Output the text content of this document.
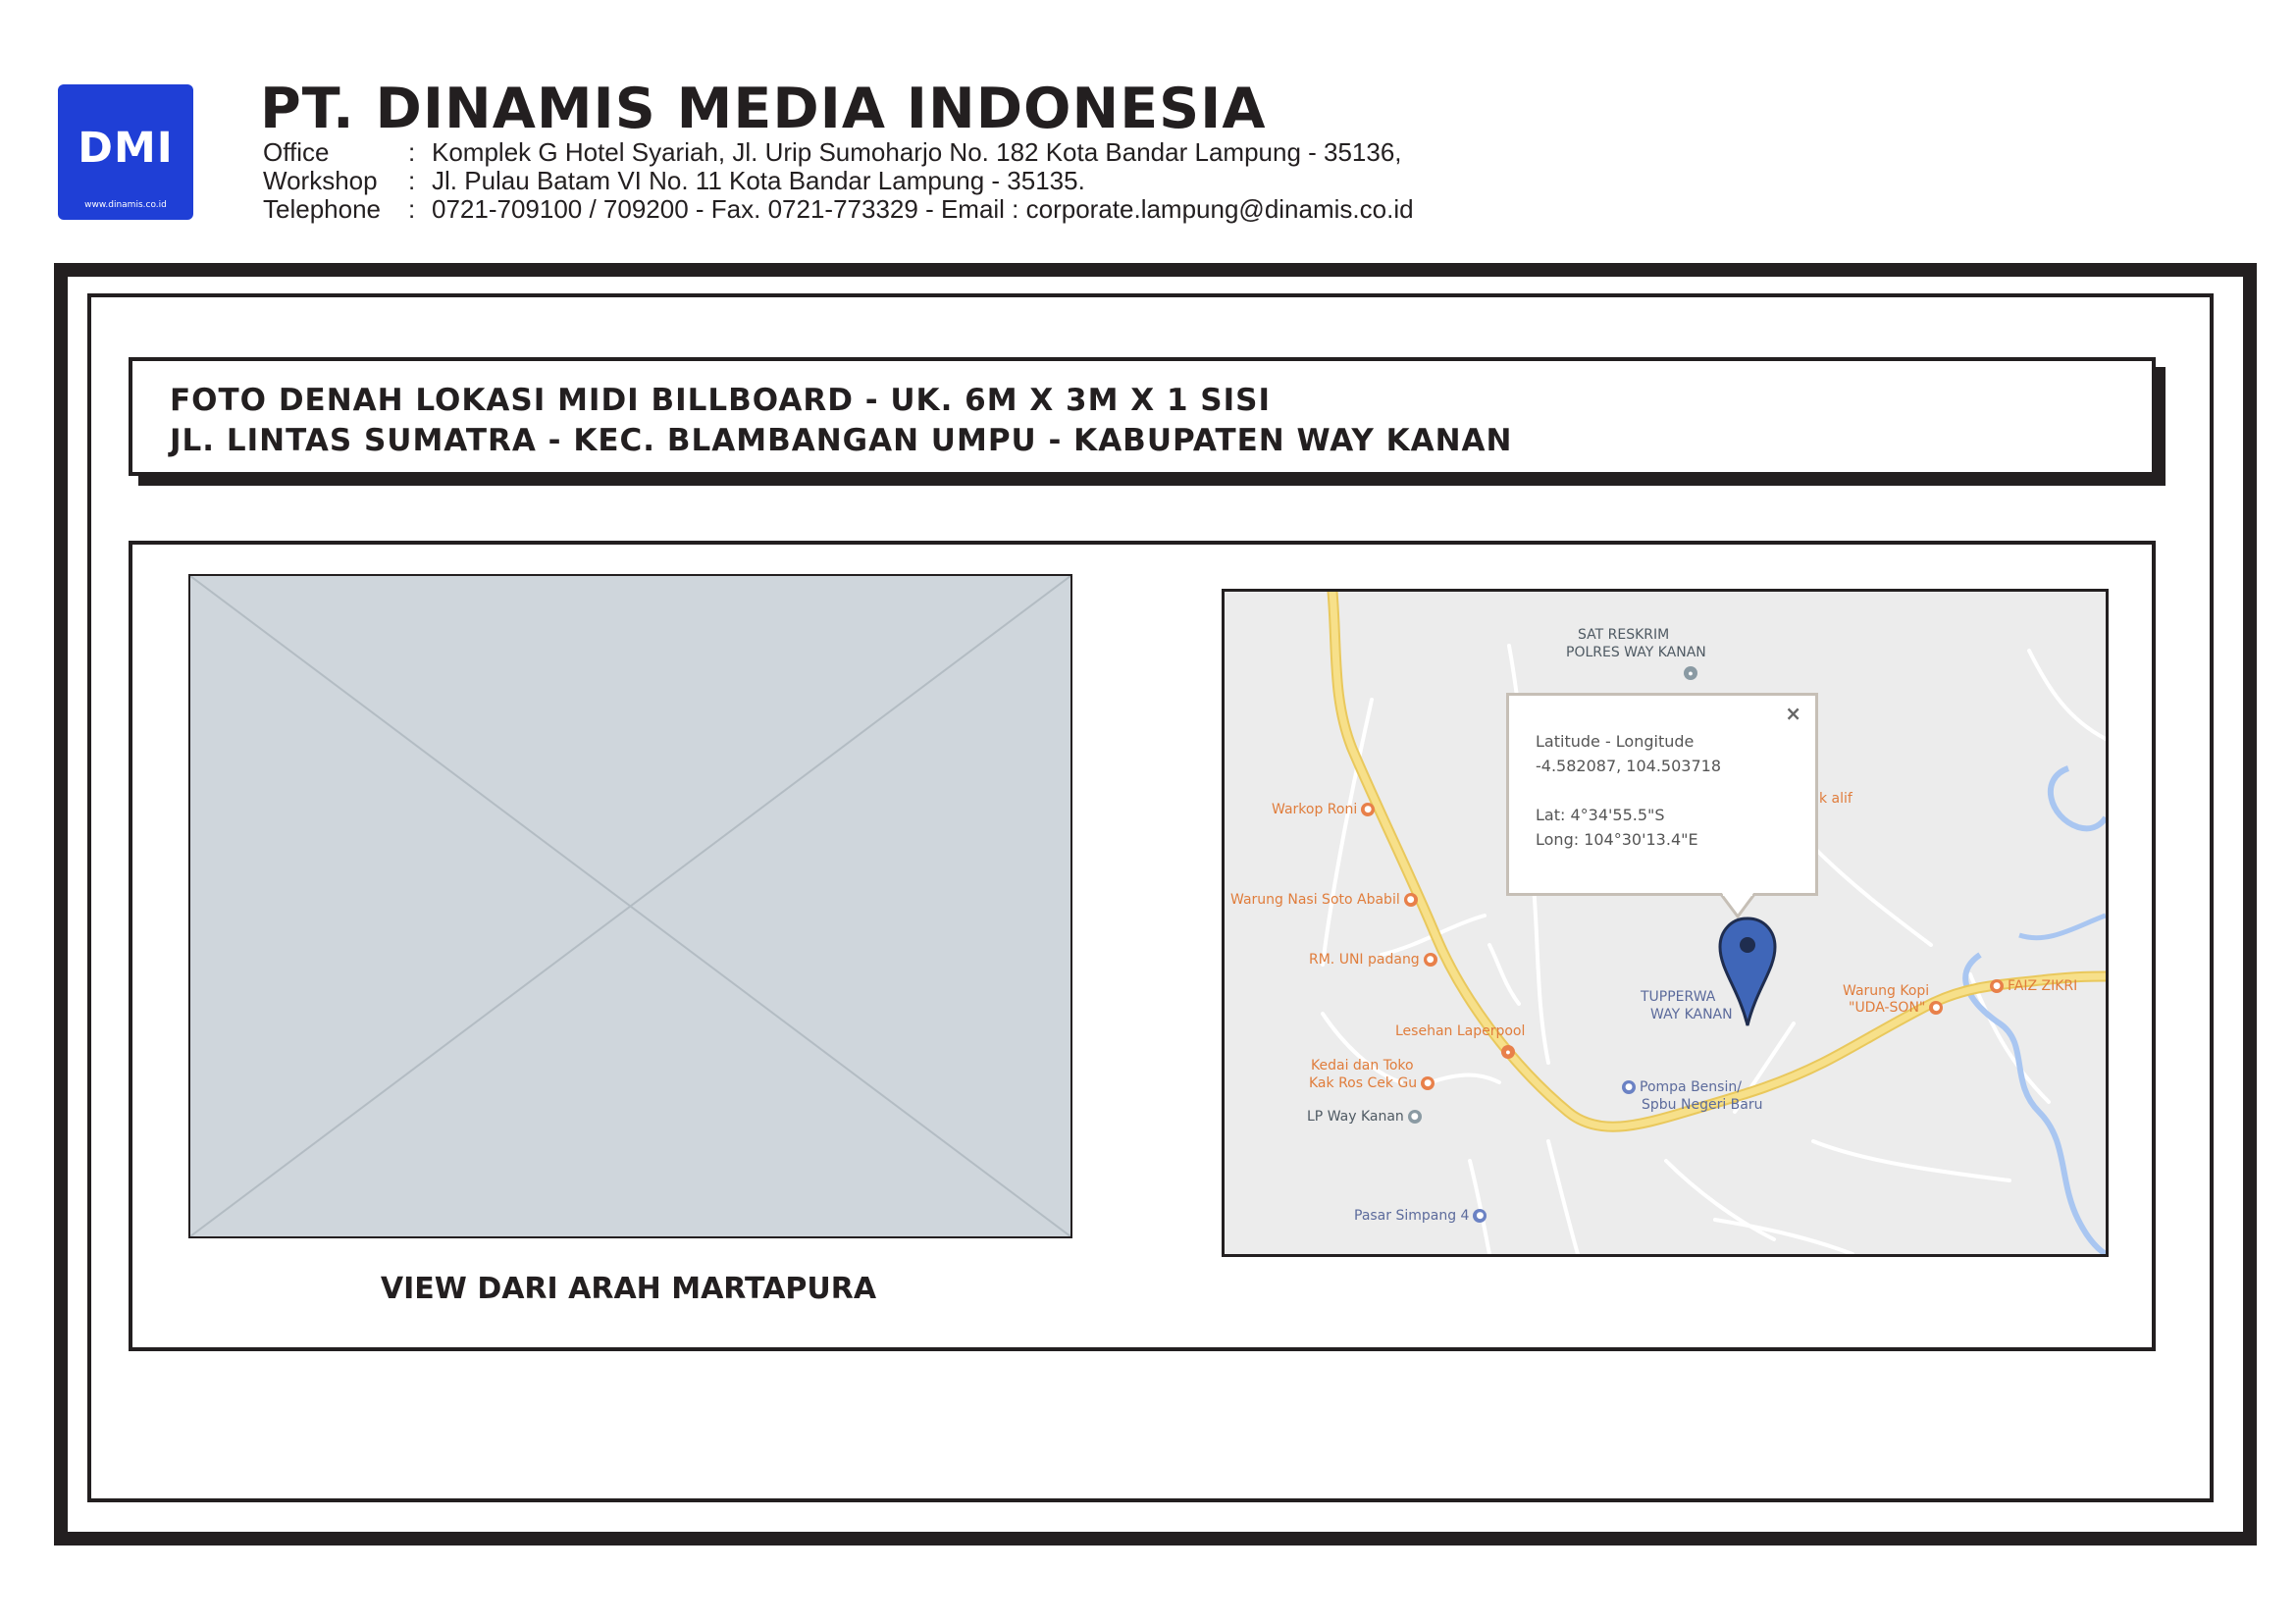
DMI
www.dinamis.co.id
PT. DINAMIS MEDIA INDONESIA
Office	: Komplek G Hotel Syariah, Jl. Urip Sumoharjo No. 182 Kota Bandar Lampung - 35136,
Workshop	: Jl. Pulau Batam VI No. 11 Kota Bandar Lampung - 35135.
Telephone	: 0721-709100 / 709200 - Fax. 0721-773329 - Email : corporate.lampung@dinamis.co.id
FOTO DENAH LOKASI MIDI BILLBOARD - UK. 6M X 3M X 1 SISI
JL. LINTAS SUMATRA - KEC. BLAMBANGAN UMPU - KABUPATEN WAY KANAN
VIEW DARI ARAH MARTAPURA
SAT RESKRIM
POLRES WAY KANAN
●
Warkop Roni ●
k alif
Warung Nasi Soto Ababil ●
RM. UNI padang ●
TUPPERWA
WAY KANAN
Warung Kopi
"UDA-SON" ●
● FAIZ ZIKRI
Lesehan Laperpool
●
Kedai dan Toko
Kak Ros Cek Gu ●	● Pompa Bensin/
Spbu Negeri Baru
LP Way Kanan ●
Pasar Simpang 4 ●
×
Latitude - Longitude
-4.582087, 104.503718
Lat: 4°34'55.5"S
Long: 104°30'13.4"E
